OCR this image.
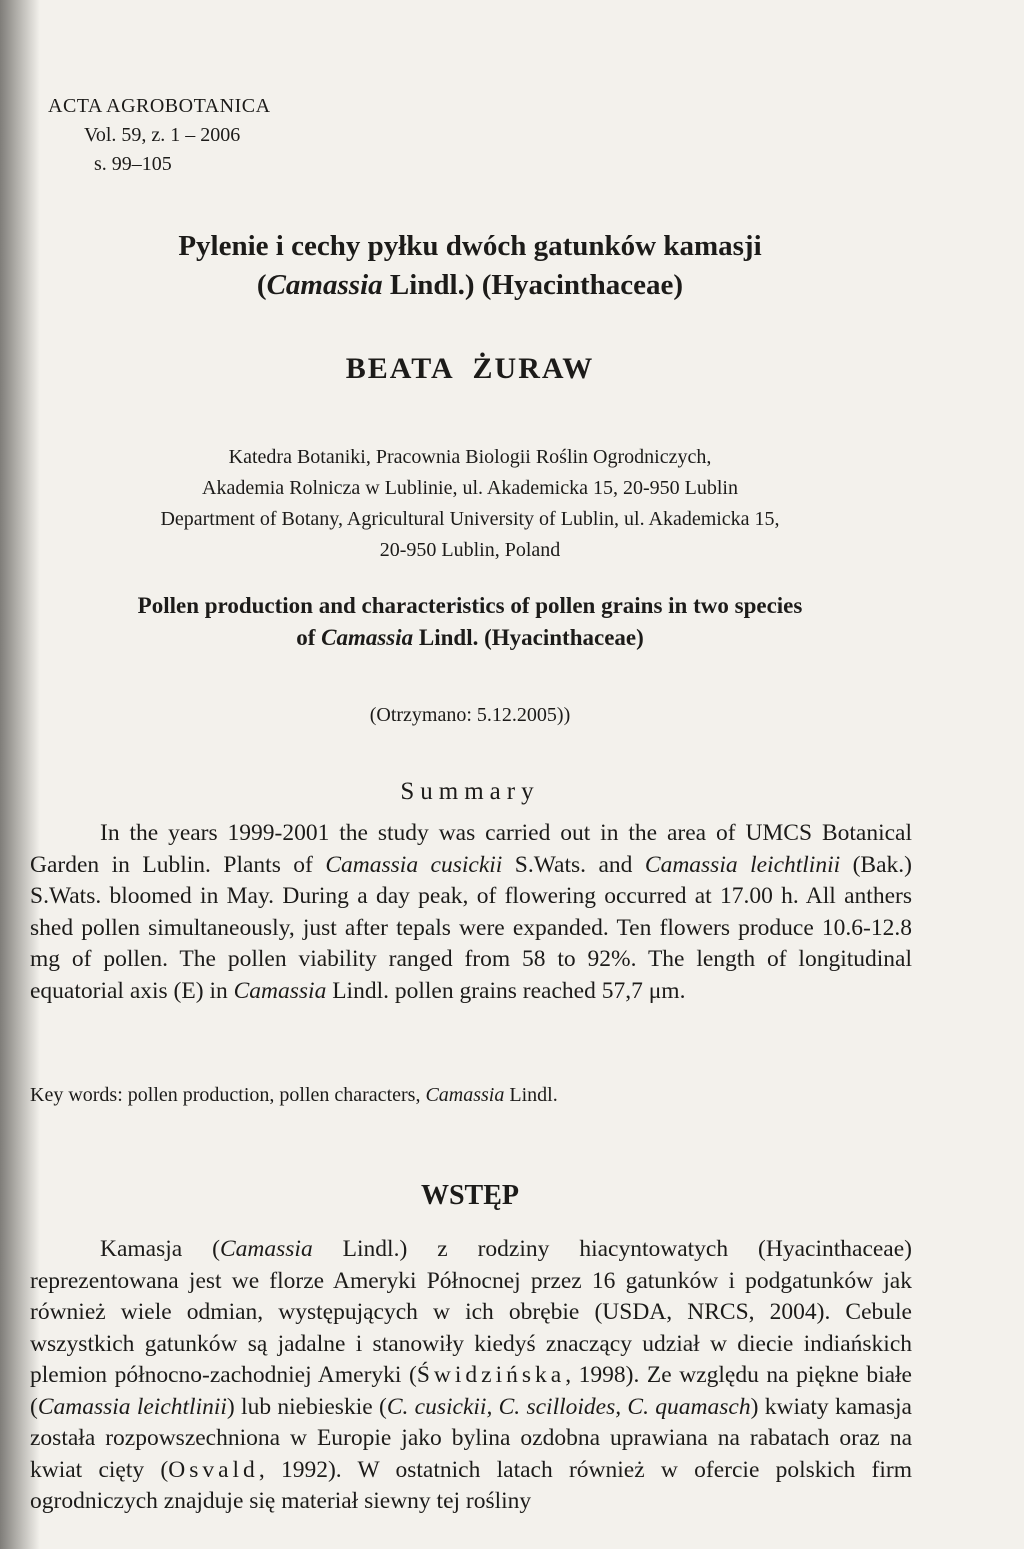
ACTA AGROBOTANICA
Vol. 59, z. 1 – 2006
s. 99–105
Pylenie i cechy pyłku dwóch gatunków kamasji
(Camassia Lindl.) (Hyacinthaceae)
BEATA ŻURAW
Katedra Botaniki, Pracownia Biologii Roślin Ogrodniczych,
Akademia Rolnicza w Lublinie, ul. Akademicka 15, 20-950 Lublin
Department of Botany, Agricultural University of Lublin, ul. Akademicka 15,
20-950 Lublin, Poland
Pollen production and characteristics of pollen grains in two species
of Camassia Lindl. (Hyacinthaceae)
(Otrzymano: 5.12.2005))
Summary

In the years 1999-2001 the study was carried out in the area of UMCS Botanical Garden in Lublin. Plants of Camassia cusickii S.Wats. and Camassia leichtlinii (Bak.) S.Wats. bloomed in May. During a day peak, of flowering occurred at 17.00 h. All anthers shed pollen simultaneously, just after tepals were expanded. Ten flowers produce 10.6-12.8 mg of pollen. The pollen viability ranged from 58 to 92%. The length of longitudinal equatorial axis (E) in Camassia Lindl. pollen grains reached 57,7 μm.

Key words: pollen production, pollen characters, Camassia Lindl.
WSTĘP

Kamasja (Camassia Lindl.) z rodziny hiacyntowatych (Hyacinthaceae) reprezentowana jest we florze Ameryki Północnej przez 16 gatunków i podgatunków jak również wiele odmian, występujących w ich obrębie (USDA, NRCS, 2004). Cebule wszystkich gatunków są jadalne i stanowiły kiedyś znaczący udział w diecie indiańskich plemion północno-zachodniej Ameryki (Świdzińska, 1998). Ze względu na piękne białe (Camassia leichtlinii) lub niebieskie (C. cusickii, C. scilloides, C. quamasch) kwiaty kamasja została rozpowszechniona w Europie jako bylina ozdobna uprawiana na rabatach oraz na kwiat cięty (Osvald, 1992). W ostatnich latach również w ofercie polskich firm ogrodniczych znajduje się materiał siewny tej rośliny
